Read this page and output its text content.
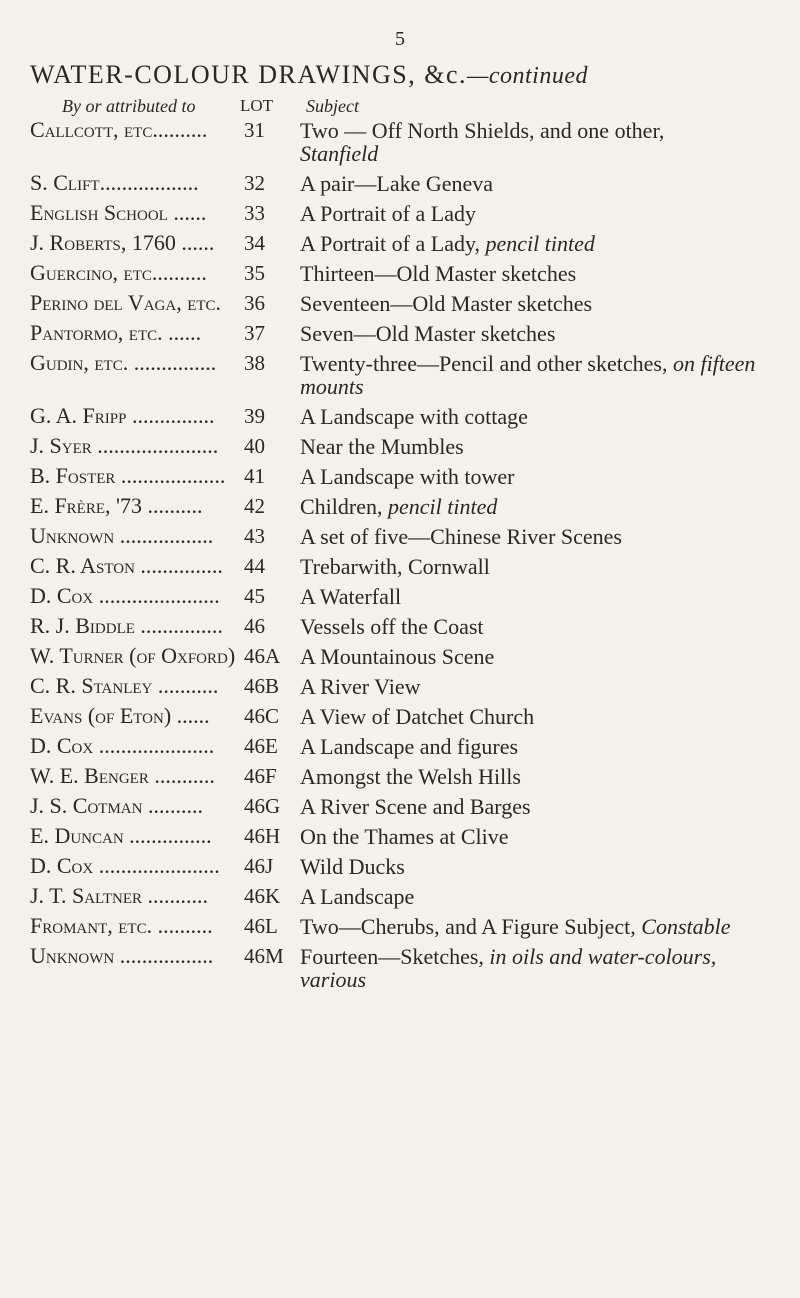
5
WATER-COLOUR DRAWINGS, &c.—continued
By or attributed to	LOT Subject
Callcott, etc..........	31	Two — Off North Shields, and one other,
Stanfield
S. Clift..................	32	A pair—Lake Geneva
English School ......	33	A Portrait of a Lady
J. Roberts, 1760 ......	34	A Portrait of a Lady, pencil tinted
Guercino, etc..........	35	Thirteen—Old Master sketches
Perino del Vaga, etc.	36	Seventeen—Old Master sketches
Pantormo, etc. ......	37	Seven—Old Master sketches
Gudin, etc. ...............	38	Twenty-three—Pencil and other sketches, on fifteen mounts
G. A. Fripp ...............	39	A Landscape with cottage
J. Syer ......................	40	Near the Mumbles
B. Foster ................... 41	A Landscape with tower
E. Frère, '73 ..........	42	Children, pencil tinted
Unknown .................	43	A set of five—Chinese River Scenes
C. R. Aston ...............	44	Trebarwith, Cornwall
D. Cox ......................	45	A Waterfall
R. J. Biddle ...............	46	Vessels off the Coast
W. Turner (of Oxford) 46A A Mountainous Scene
C. R. Stanley ...........	46B A River View
Evans (of Eton) ......	46C A View of Datchet Church
D. Cox .....................	46E	A Landscape and figures
W. E. Benger ...........	46F	Amongst the Welsh Hills
J. S. Cotman ..........	46G A River Scene and Barges
E. Duncan ...............	46H On the Thames at Clive
D. Cox ......................	46J	Wild Ducks
J. T. Saltner ...........	46K A Landscape
Fromant, etc. ..........	46L	Two—Cherubs, and A Figure Subject, Constable
Unknown .................	46M Fourteen—Sketches, in oils and water-colours, various
